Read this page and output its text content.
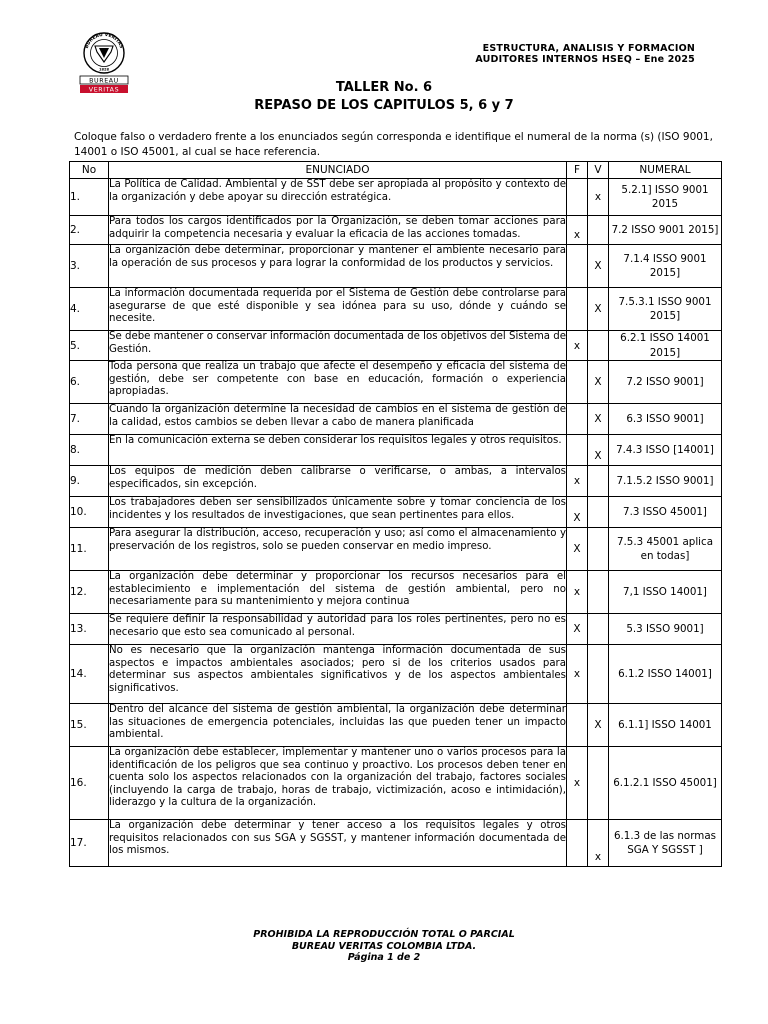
BUREAU VERITAS
1828
BUREAU
VERITAS
ESTRUCTURA, ANALISIS Y FORMACION
AUDITORES INTERNOS HSEQ – Ene 2025
TALLER No. 6
REPASO DE LOS CAPITULOS 5, 6 y 7
Coloque falso o verdadero frente a los enunciados según corresponda e identifique el numeral de la norma (s) (ISO 9001, 14001 o ISO 45001, al cual se hace referencia.
No	ENUNCIADO	F	V	NUMERAL
1.	La Política de Calidad. Ambiental y de SST debe ser apropiada al propósito y contexto de la organización y debe apoyar su dirección estratégica.		x	5.2.1] ISSO 9001 2015
2.	Para todos los cargos identificados por la Organización, se deben tomar acciones para adquirir la competencia necesaria y evaluar la eficacia de las acciones tomadas.	x		7.2 ISSO 9001 2015]
3.	La organización debe determinar, proporcionar y mantener el ambiente necesario para la operación de sus procesos y para lograr la conformidad de los productos y servicios.		X	7.1.4 ISSO 9001 2015]
4.	La información documentada requerida por el Sistema de Gestión debe controlarse para asegurarse de que esté disponible y sea idónea para su uso, dónde y cuándo se necesite.		X	7.5.3.1 ISSO 9001 2015]
5.	Se debe mantener o conservar información documentada de los objetivos del Sistema de Gestión.	x		6.2.1 ISSO 14001 2015]
6.	Toda persona que realiza un trabajo que afecte el desempeño y eficacia del sistema de gestión, debe ser competente con base en educación, formación o experiencia apropiadas.		X	7.2 ISSO 9001]
7.	Cuando la organización determine la necesidad de cambios en el sistema de gestión de la calidad, estos cambios se deben llevar a cabo de manera planificada		X	6.3 ISSO 9001]
8.	En la comunicación externa se deben considerar los requisitos legales y otros requisitos.		X	7.4.3 ISSO [14001]
9.	Los equipos de medición deben calibrarse o verificarse, o ambas, a intervalos especificados, sin excepción.	x		7.1.5.2 ISSO 9001]
10.	Los trabajadores deben ser sensibilizados únicamente sobre y tomar conciencia de los incidentes y los resultados de investigaciones, que sean pertinentes para ellos.	X		7.3 ISSO 45001]
11.	Para asegurar la distribución, acceso, recuperación y uso; así como el almacenamiento y preservación de los registros, solo se pueden conservar en medio impreso.	X		7.5.3 45001 aplica en todas]
12.	La organización debe determinar y proporcionar los recursos necesarios para el establecimiento e implementación del sistema de gestión ambiental, pero no necesariamente para su mantenimiento y mejora continua	x		7,1 ISSO 14001]
13.	Se requiere definir la responsabilidad y autoridad para los roles pertinentes, pero no es necesario que esto sea comunicado al personal.	X		5.3 ISSO 9001]
14.	No es necesario que la organización mantenga información documentada de sus aspectos e impactos ambientales asociados; pero si de los criterios usados para determinar sus aspectos ambientales significativos y de los aspectos ambientales significativos.	x		6.1.2 ISSO 14001]
15.	Dentro del alcance del sistema de gestión ambiental, la organización debe determinar las situaciones de emergencia potenciales, incluidas las que pueden tener un impacto ambiental.		X	6.1.1] ISSO 14001
16.	La organización debe establecer, implementar y mantener uno o varios procesos para la identificación de los peligros que sea continuo y proactivo. Los procesos deben tener en cuenta solo los aspectos relacionados con la organización del trabajo, factores sociales (incluyendo la carga de trabajo, horas de trabajo, victimización, acoso e intimidación), liderazgo y la cultura de la organización.	x		6.1.2.1 ISSO 45001]
17.	La organización debe determinar y tener acceso a los requisitos legales y otros requisitos relacionados con sus SGA y SGSST, y mantener información documentada de los mismos.		x	6.1.3 de las normas SGA Y SGSST ]
PROHIBIDA LA REPRODUCCIÓN TOTAL O PARCIAL
BUREAU VERITAS COLOMBIA LTDA.
Página 1 de 2
